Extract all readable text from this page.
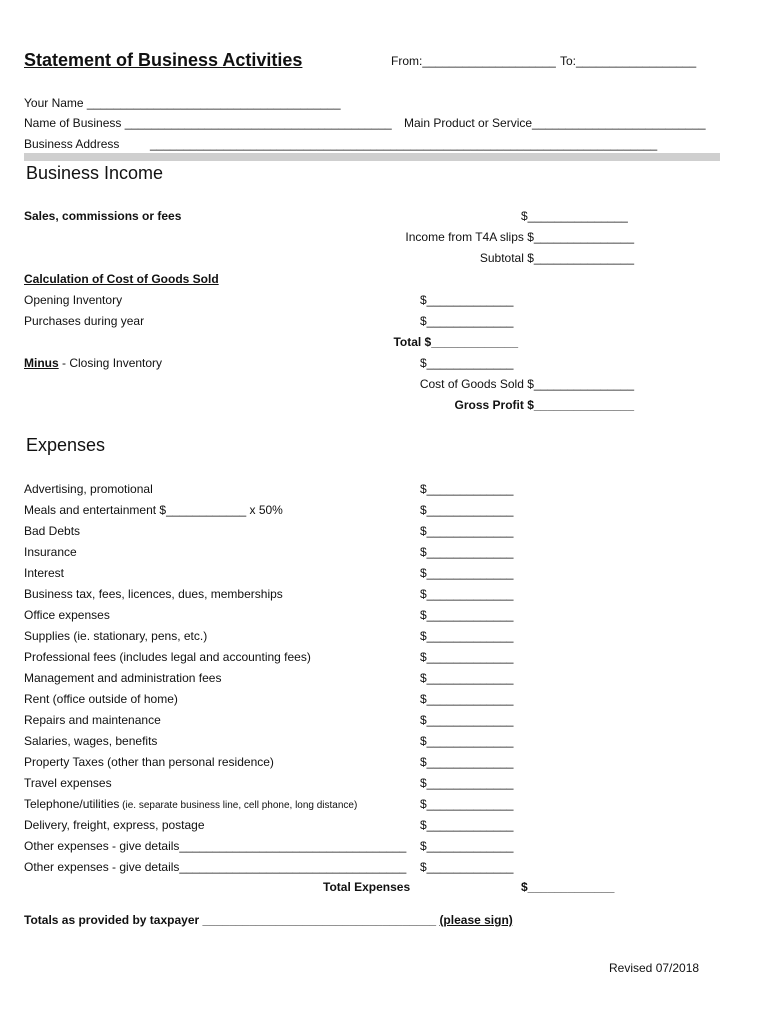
Statement of Business Activities	From:____________________ To:__________________
Your Name ______________________________________
Name of Business ________________________________________ Main Product or Service__________________________
Business Address	____________________________________________________________________________
Business Income
Sales, commissions or fees	$_______________
Income from T4A slips $_______________
Subtotal $_______________
Calculation of Cost of Goods Sold
Opening Inventory	$_____________
Purchases during year	$_____________
Total $_____________
Minus - Closing Inventory	$_____________
Cost of Goods Sold $_______________
Gross Profit $_______________
Expenses
Advertising, promotional	$_____________
Meals and entertainment $____________ x 50%	$_____________
Bad Debts	$_____________
Insurance	$_____________
Interest	$_____________
Business tax, fees, licences, dues, memberships	$_____________
Office expenses	$_____________
Supplies (ie. stationary, pens, etc.)	$_____________
Professional fees (includes legal and accounting fees)	$_____________
Management and administration fees	$_____________
Rent (office outside of home)	$_____________
Repairs and maintenance	$_____________
Salaries, wages, benefits	$_____________
Property Taxes (other than personal residence)	$_____________
Travel expenses	$_____________
Telephone/utilities (ie. separate business line, cell phone, long distance)	$_____________
Delivery, freight, express, postage	$_____________
Other expenses - give details__________________________________ $_____________
Other expenses - give details__________________________________ $_____________
Total Expenses	$_____________
Totals as provided by taxpayer ___________________________________ (please sign)
Revised 07/2018
